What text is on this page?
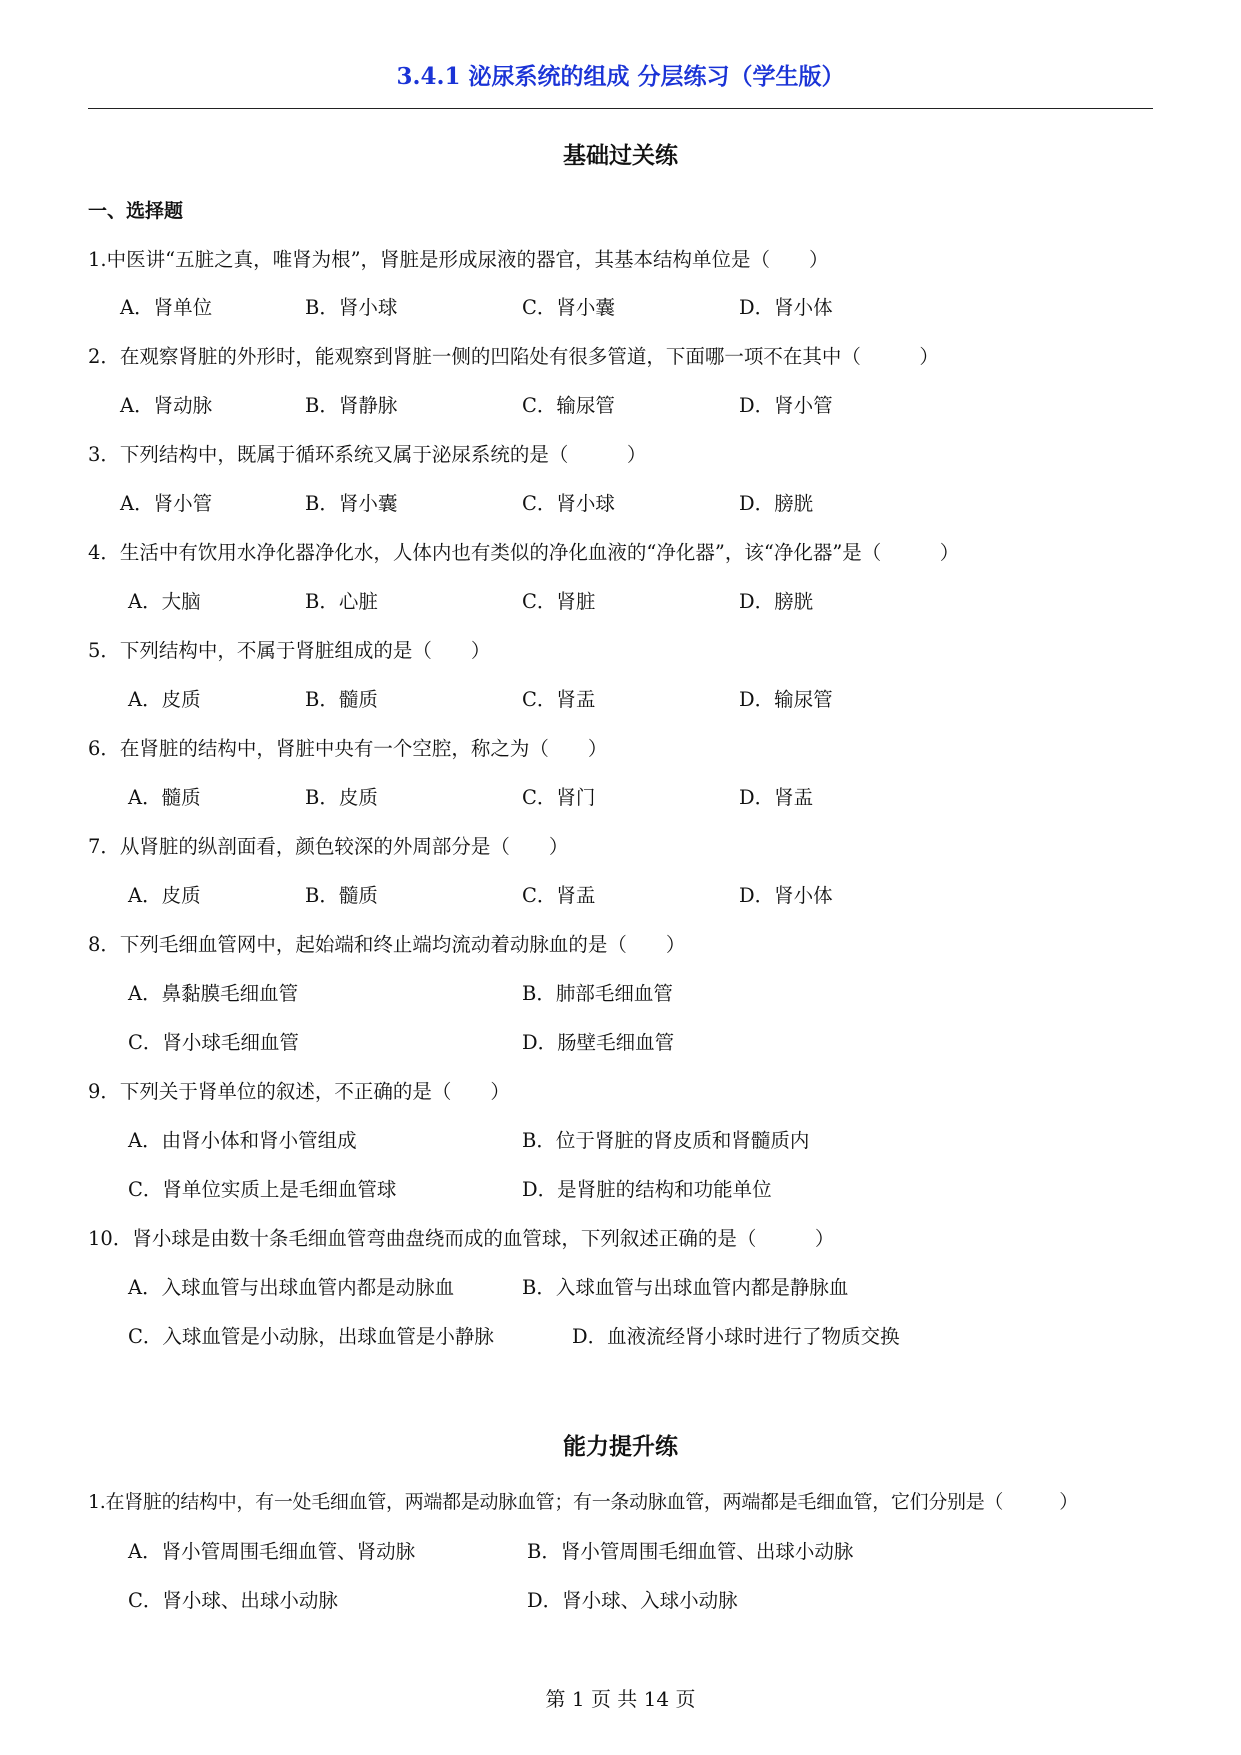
3.4.1 泌尿系统的组成 分层练习（学生版）
基础过关练
一、选择题
1.中医讲“五脏之真，唯肾为根”，肾脏是形成尿液的器官，其基本结构单位是（　　）
A．肾单位	B．肾小球	C．肾小囊	D．肾小体
2．在观察肾脏的外形时，能观察到肾脏一侧的凹陷处有很多管道，下面哪一项不在其中（　　　）
A．肾动脉	B．肾静脉	C．输尿管	D．肾小管
3．下列结构中，既属于循环系统又属于泌尿系统的是（　　　）
A．肾小管	B．肾小囊	C．肾小球	D．膀胱
4．生活中有饮用水净化器净化水，人体内也有类似的净化血液的“净化器”，该“净化器”是（　　　）
A．大脑	B．心脏	C．肾脏	D．膀胱
5．下列结构中，不属于肾脏组成的是（　　）
A．皮质	B．髓质	C．肾盂	D．输尿管
6．在肾脏的结构中，肾脏中央有一个空腔，称之为（　　）
A．髓质	B．皮质	C．肾门	D．肾盂
7．从肾脏的纵剖面看，颜色较深的外周部分是（　　）
A．皮质	B．髓质	C．肾盂	D．肾小体
8．下列毛细血管网中，起始端和终止端均流动着动脉血的是（　　）
A．鼻黏膜毛细血管	B．肺部毛细血管
C．肾小球毛细血管	D．肠壁毛细血管
9．下列关于肾单位的叙述，不正确的是（　　）
A．由肾小体和肾小管组成	B．位于肾脏的肾皮质和肾髓质内
C．肾单位实质上是毛细血管球	D．是肾脏的结构和功能单位
10．肾小球是由数十条毛细血管弯曲盘绕而成的血管球，下列叙述正确的是（　　　）
A．入球血管与出球血管内都是动脉血	B．入球血管与出球血管内都是静脉血
C．入球血管是小动脉，出球血管是小静脉	D．血液流经肾小球时进行了物质交换
能力提升练
1.在肾脏的结构中，有一处毛细血管，两端都是动脉血管；有一条动脉血管，两端都是毛细血管，它们分别是（　　　）
A．肾小管周围毛细血管、肾动脉	B．肾小管周围毛细血管、出球小动脉
C．肾小球、出球小动脉	D．肾小球、入球小动脉
第 1 页 共 14 页
